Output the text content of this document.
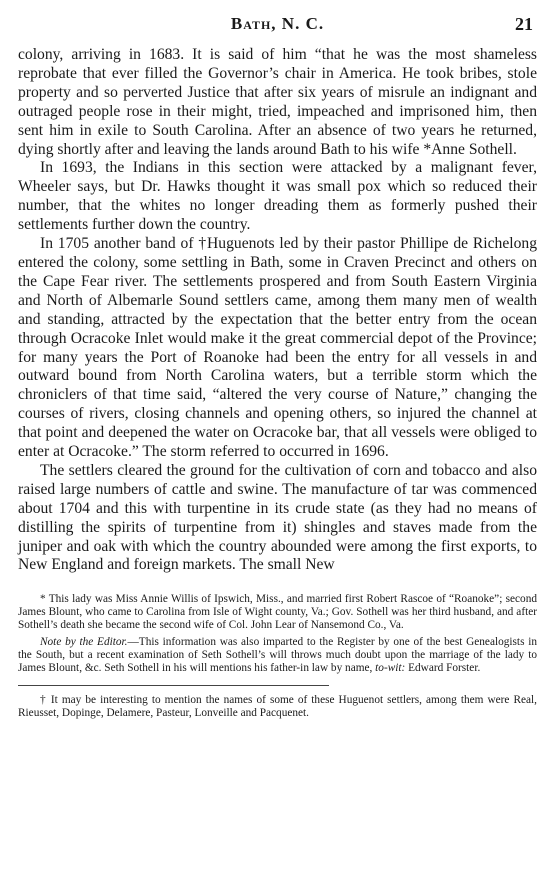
Bath, N. C.	21

colony, arriving in 1683. It is said of him “that he was the most shameless reprobate that ever filled the Governor’s chair in America. He took bribes, stole property and so perverted Justice that after six years of misrule an indignant and outraged people rose in their might, tried, impeached and imprisoned him, then sent him in exile to South Carolina. After an absence of two years he returned, dying shortly after and leaving the lands around Bath to his wife *Anne Sothell.

In 1693, the Indians in this section were attacked by a malignant fever, Wheeler says, but Dr. Hawks thought it was small pox which so reduced their number, that the whites no longer dreading them as formerly pushed their settlements further down the country.

In 1705 another band of †Huguenots led by their pastor Phillipe de Richelong entered the colony, some settling in Bath, some in Craven Precinct and others on the Cape Fear river. The settlements prospered and from South Eastern Virginia and North of Albemarle Sound settlers came, among them many men of wealth and standing, attracted by the expectation that the better entry from the ocean through Ocracoke Inlet would make it the great commercial depot of the Province; for many years the Port of Roanoke had been the entry for all vessels in and outward bound from North Carolina waters, but a terrible storm which the chroniclers of that time said, “altered the very course of Nature,” changing the courses of rivers, closing channels and opening others, so injured the channel at that point and deepened the water on Ocracoke bar, that all vessels were obliged to enter at Ocracoke.” The storm referred to occurred in 1696.

The settlers cleared the ground for the cultivation of corn and tobacco and also raised large numbers of cattle and swine. The manufacture of tar was commenced about 1704 and this with turpentine in its crude state (as they had no means of distilling the spirits of turpentine from it) shingles and staves made from the juniper and oak with which the country abounded were among the first exports, to New England and foreign markets. The small New

* This lady was Miss Annie Willis of Ipswich, Miss., and married first Robert Rascoe of “Roanoke”; second James Blount, who came to Carolina from Isle of Wight county, Va.; Gov. Sothell was her third husband, and after Sothell’s death she became the second wife of Col. John Lear of Nansemond Co., Va.

Note by the Editor.—This information was also imparted to the Register by one of the best Genealogists in the South, but a recent examination of Seth Sothell’s will throws much doubt upon the marriage of the lady to James Blount, &c. Seth Sothell in his will mentions his father-in law by name, to-wit: Edward Forster.

† It may be interesting to mention the names of some of these Huguenot settlers, among them were Real, Rieusset, Dopinge, Delamere, Pasteur, Lonveille and Pacquenet.
